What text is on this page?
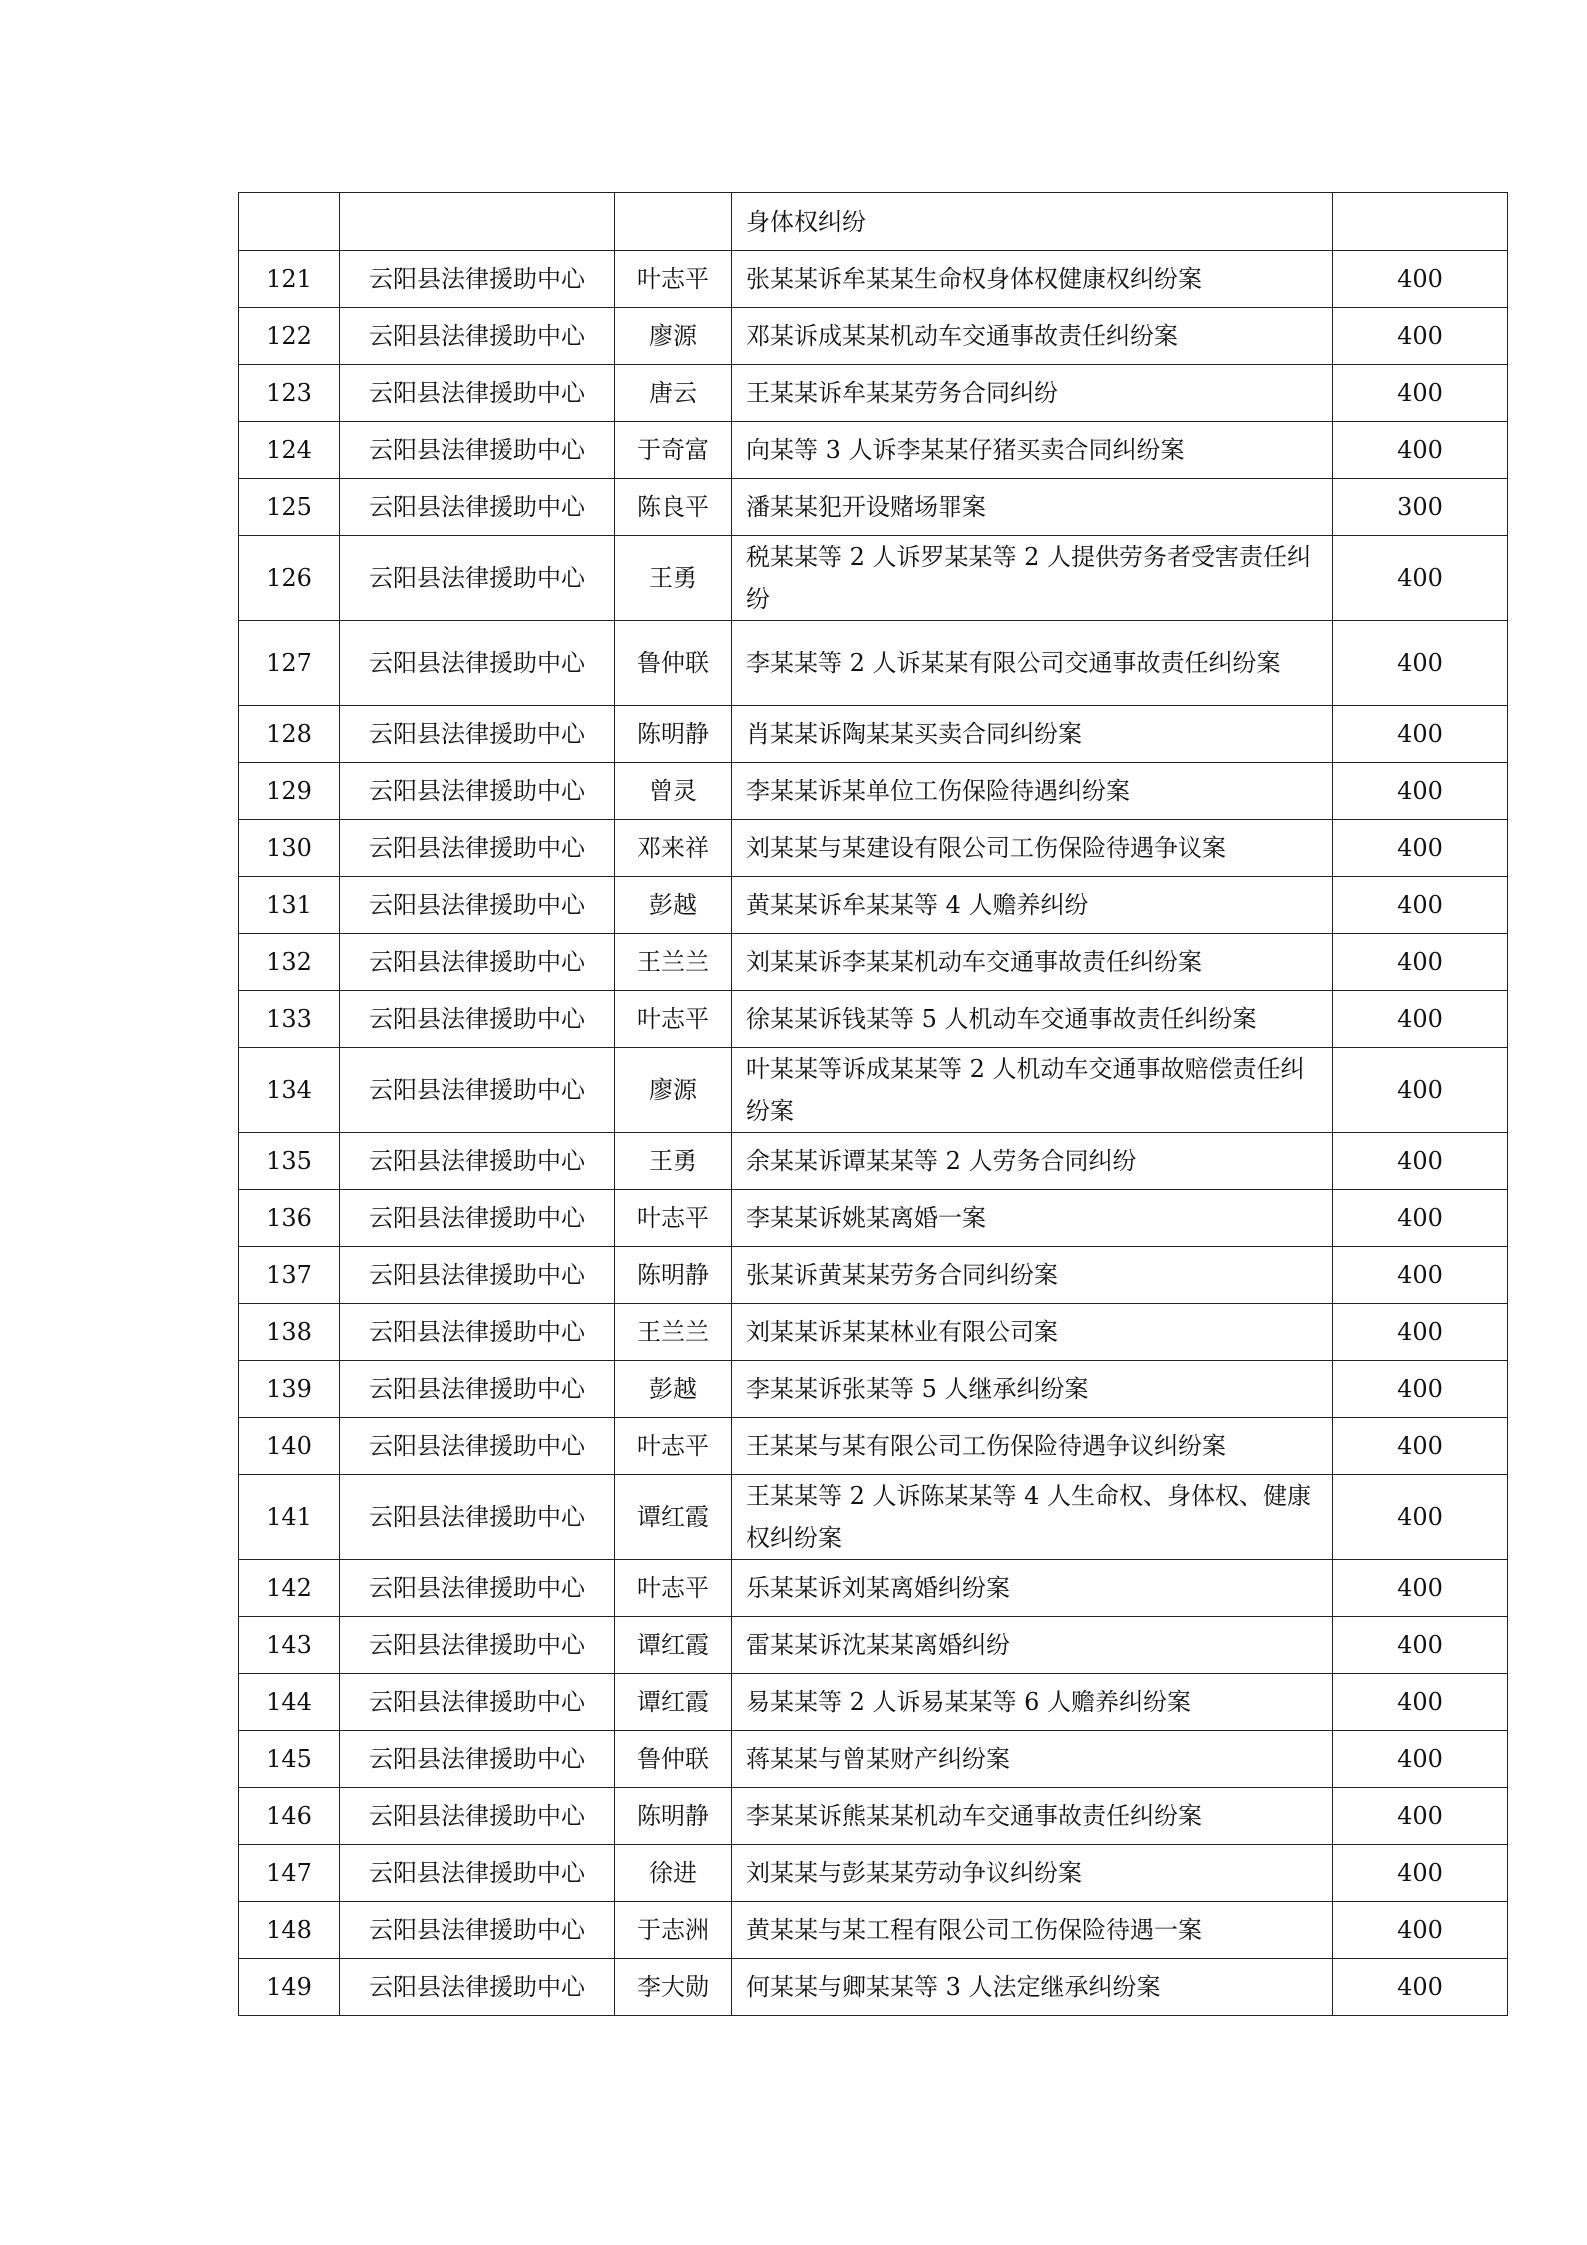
			身体权纠纷	
121	云阳县法律援助中心	叶志平	张某某诉牟某某生命权身体权健康权纠纷案	400
122	云阳县法律援助中心	廖源	邓某诉成某某机动车交通事故责任纠纷案	400
123	云阳县法律援助中心	唐云	王某某诉牟某某劳务合同纠纷	400
124	云阳县法律援助中心	于奇富	向某等 3 人诉李某某仔猪买卖合同纠纷案	400
125	云阳县法律援助中心	陈良平	潘某某犯开设赌场罪案	300
126	云阳县法律援助中心	王勇	税某某等 2 人诉罗某某等 2 人提供劳务者受害责任纠纷	400
127	云阳县法律援助中心	鲁仲联	李某某等 2 人诉某某有限公司交通事故责任纠纷案	400
128	云阳县法律援助中心	陈明静	肖某某诉陶某某买卖合同纠纷案	400
129	云阳县法律援助中心	曾灵	李某某诉某单位工伤保险待遇纠纷案	400
130	云阳县法律援助中心	邓来祥	刘某某与某建设有限公司工伤保险待遇争议案	400
131	云阳县法律援助中心	彭越	黄某某诉牟某某等 4 人赡养纠纷	400
132	云阳县法律援助中心	王兰兰	刘某某诉李某某机动车交通事故责任纠纷案	400
133	云阳县法律援助中心	叶志平	徐某某诉钱某等 5 人机动车交通事故责任纠纷案	400
134	云阳县法律援助中心	廖源	叶某某等诉成某某等 2 人机动车交通事故赔偿责任纠纷案	400
135	云阳县法律援助中心	王勇	余某某诉谭某某等 2 人劳务合同纠纷	400
136	云阳县法律援助中心	叶志平	李某某诉姚某离婚一案	400
137	云阳县法律援助中心	陈明静	张某诉黄某某劳务合同纠纷案	400
138	云阳县法律援助中心	王兰兰	刘某某诉某某林业有限公司案	400
139	云阳县法律援助中心	彭越	李某某诉张某等 5 人继承纠纷案	400
140	云阳县法律援助中心	叶志平	王某某与某有限公司工伤保险待遇争议纠纷案	400
141	云阳县法律援助中心	谭红霞	王某某等 2 人诉陈某某等 4 人生命权、身体权、健康权纠纷案	400
142	云阳县法律援助中心	叶志平	乐某某诉刘某离婚纠纷案	400
143	云阳县法律援助中心	谭红霞	雷某某诉沈某某离婚纠纷	400
144	云阳县法律援助中心	谭红霞	易某某等 2 人诉易某某等 6 人赡养纠纷案	400
145	云阳县法律援助中心	鲁仲联	蒋某某与曾某财产纠纷案	400
146	云阳县法律援助中心	陈明静	李某某诉熊某某机动车交通事故责任纠纷案	400
147	云阳县法律援助中心	徐进	刘某某与彭某某劳动争议纠纷案	400
148	云阳县法律援助中心	于志洲	黄某某与某工程有限公司工伤保险待遇一案	400
149	云阳县法律援助中心	李大勋	何某某与卿某某等 3 人法定继承纠纷案	400
